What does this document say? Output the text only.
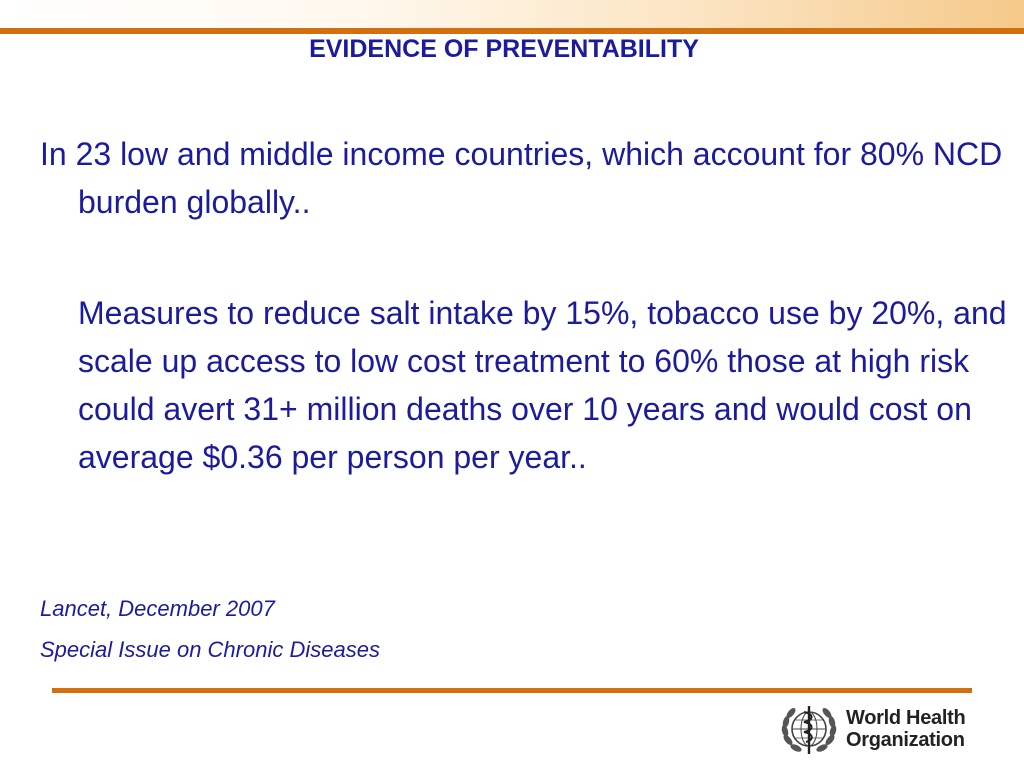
EVIDENCE OF PREVENTABILITY

In 23 low and middle income countries, which account for 80% NCD burden globally..

Measures to reduce salt intake by 15%, tobacco use by 20%, and scale up access to low cost treatment to 60% those at high risk could avert 31+ million deaths over 10 years and would cost on average $0.36 per person per year..

Lancet, December 2007

Special Issue on Chronic Diseases

World Health
Organization
